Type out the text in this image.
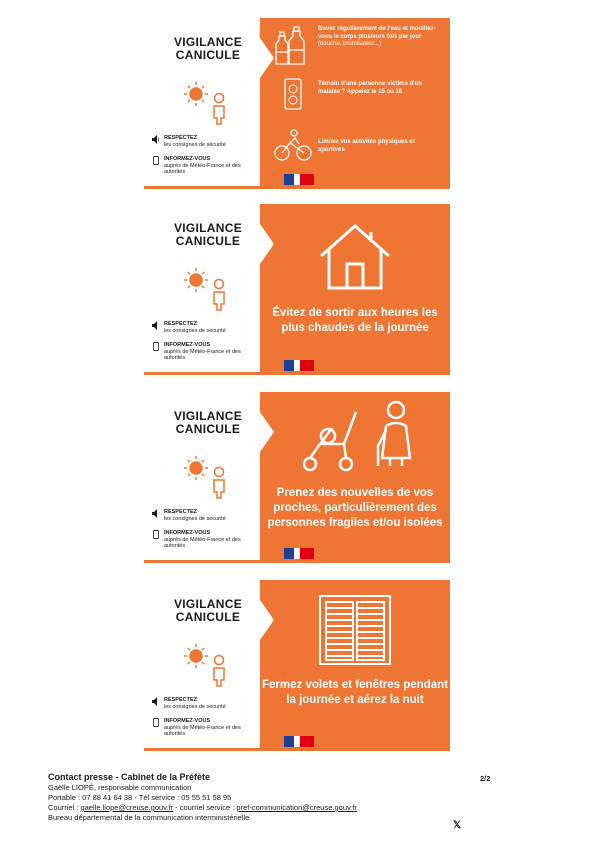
VIGILANCE
CANICULE
RESPECTEZ
les consignes de sécurité
INFORMEZ-VOUS
auprès de Météo-France et des autorités
Buvez régulièrement de l'eau et mouillez-vous le corps plusieurs fois par jour (douche, brumisateur...)
Témoin d'une personne victime d'un malaise ? Appelez le 15 ou 18
Limitez vos activités physiques et sportives
VIGILANCE
CANICULE
RESPECTEZ
les consignes de sécurité
INFORMEZ-VOUS
auprès de Météo-France et des autorités
Évitez de sortir aux heures les plus chaudes de la journée
VIGILANCE
CANICULE
RESPECTEZ
les consignes de sécurité
INFORMEZ-VOUS
auprès de Météo-France et des autorités
Prenez des nouvelles de vos proches, particulièrement des personnes fragiles et/ou isolées
VIGILANCE
CANICULE
RESPECTEZ
les consignes de sécurité
INFORMEZ-VOUS
auprès de Météo-France et des autorités
Fermez volets et fenêtres pendant la journée et aérez la nuit
Contact presse - Cabinet de la Préfète
Gaëlle LIOPÉ, responsable communication
Portable : 07 88 41 64 38 - Tél service : 05 55 51 58 95
Courriel : gaelle.liope@creuse.gouv.fr - courriel service : pref-communication@creuse.gouv.fr
Bureau départemental de la communication interministérielle
2/2
𝕏
